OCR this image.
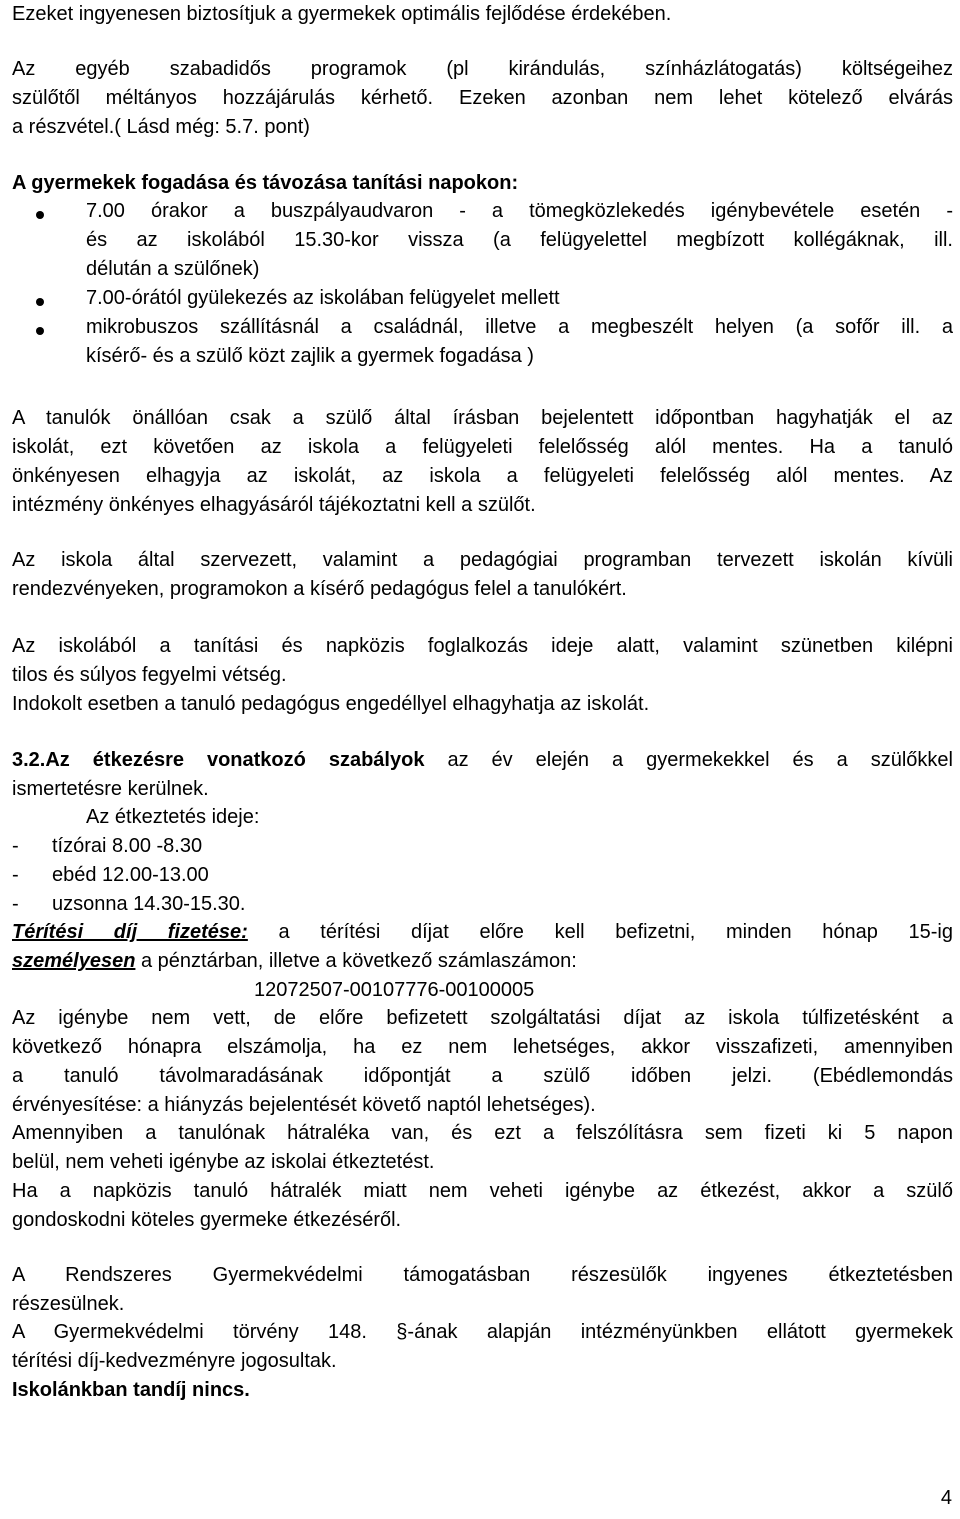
Ezeket ingyenesen biztosítjuk a gyermekek optimális fejlődése érdekében.
Az egyéb szabadidős programok (pl kirándulás, színházlátogatás) költségeihez
szülőtől méltányos hozzájárulás kérhető. Ezeken azonban nem lehet kötelező elvárás
a részvétel.( Lásd még: 5.7. pont)
A gyermekek fogadása és távozása tanítási napokon:
7.00 órakor a buszpályaudvaron - a tömegközlekedés igénybevétele esetén -
és az iskolából 15.30-kor vissza (a felügyelettel megbízott kollégáknak, ill.
délután a szülőnek)
7.00-órától gyülekezés az iskolában felügyelet mellett
mikrobuszos szállításnál a családnál, illetve a megbeszélt helyen (a sofőr ill. a
kísérő- és a szülő közt zajlik a gyermek fogadása )
A tanulók önállóan csak a szülő által írásban bejelentett időpontban hagyhatják el az
iskolát, ezt követően az iskola a felügyeleti felelősség alól mentes. Ha a tanuló
önkényesen elhagyja az iskolát, az iskola a felügyeleti felelősség alól mentes. Az
intézmény önkényes elhagyásáról tájékoztatni kell a szülőt.
Az iskola által szervezett, valamint a pedagógiai programban tervezett iskolán kívüli
rendezvényeken, programokon a kísérő pedagógus felel a tanulókért.
Az iskolából a tanítási és napközis foglalkozás ideje alatt, valamint szünetben kilépni
tilos és súlyos fegyelmi vétség.
Indokolt esetben a tanuló pedagógus engedéllyel elhagyhatja az iskolát.
3.2.Az étkezésre vonatkozó szabályok az év elején a gyermekekkel és a szülőkkel
ismertetésre kerülnek.
Az étkeztetés ideje:
- tízórai 8.00 -8.30
- ebéd 12.00-13.00
- uzsonna 14.30-15.30.
Térítési díj fizetése: a térítési díjat előre kell befizetni, minden hónap 15-ig
személyesen a pénztárban, illetve a következő számlaszámon:
12072507-00107776-00100005
Az igénybe nem vett, de előre befizetett szolgáltatási díjat az iskola túlfizetésként a
következő hónapra elszámolja, ha ez nem lehetséges, akkor visszafizeti, amennyiben
a tanuló távolmaradásának időpontját a szülő időben jelzi. (Ebédlemondás
érvényesítése: a hiányzás bejelentését követő naptól lehetséges).
Amennyiben a tanulónak hátraléka van, és ezt a felszólításra sem fizeti ki 5 napon
belül, nem veheti igénybe az iskolai étkeztetést.
Ha a napközis tanuló hátralék miatt nem veheti igénybe az étkezést, akkor a szülő
gondoskodni köteles gyermeke étkezéséről.
A Rendszeres Gyermekvédelmi támogatásban részesülők ingyenes étkeztetésben
részesülnek.
A Gyermekvédelmi törvény 148. §-ának alapján intézményünkben ellátott gyermekek
térítési díj-kedvezményre jogosultak.
Iskolánkban tandíj nincs.
4
